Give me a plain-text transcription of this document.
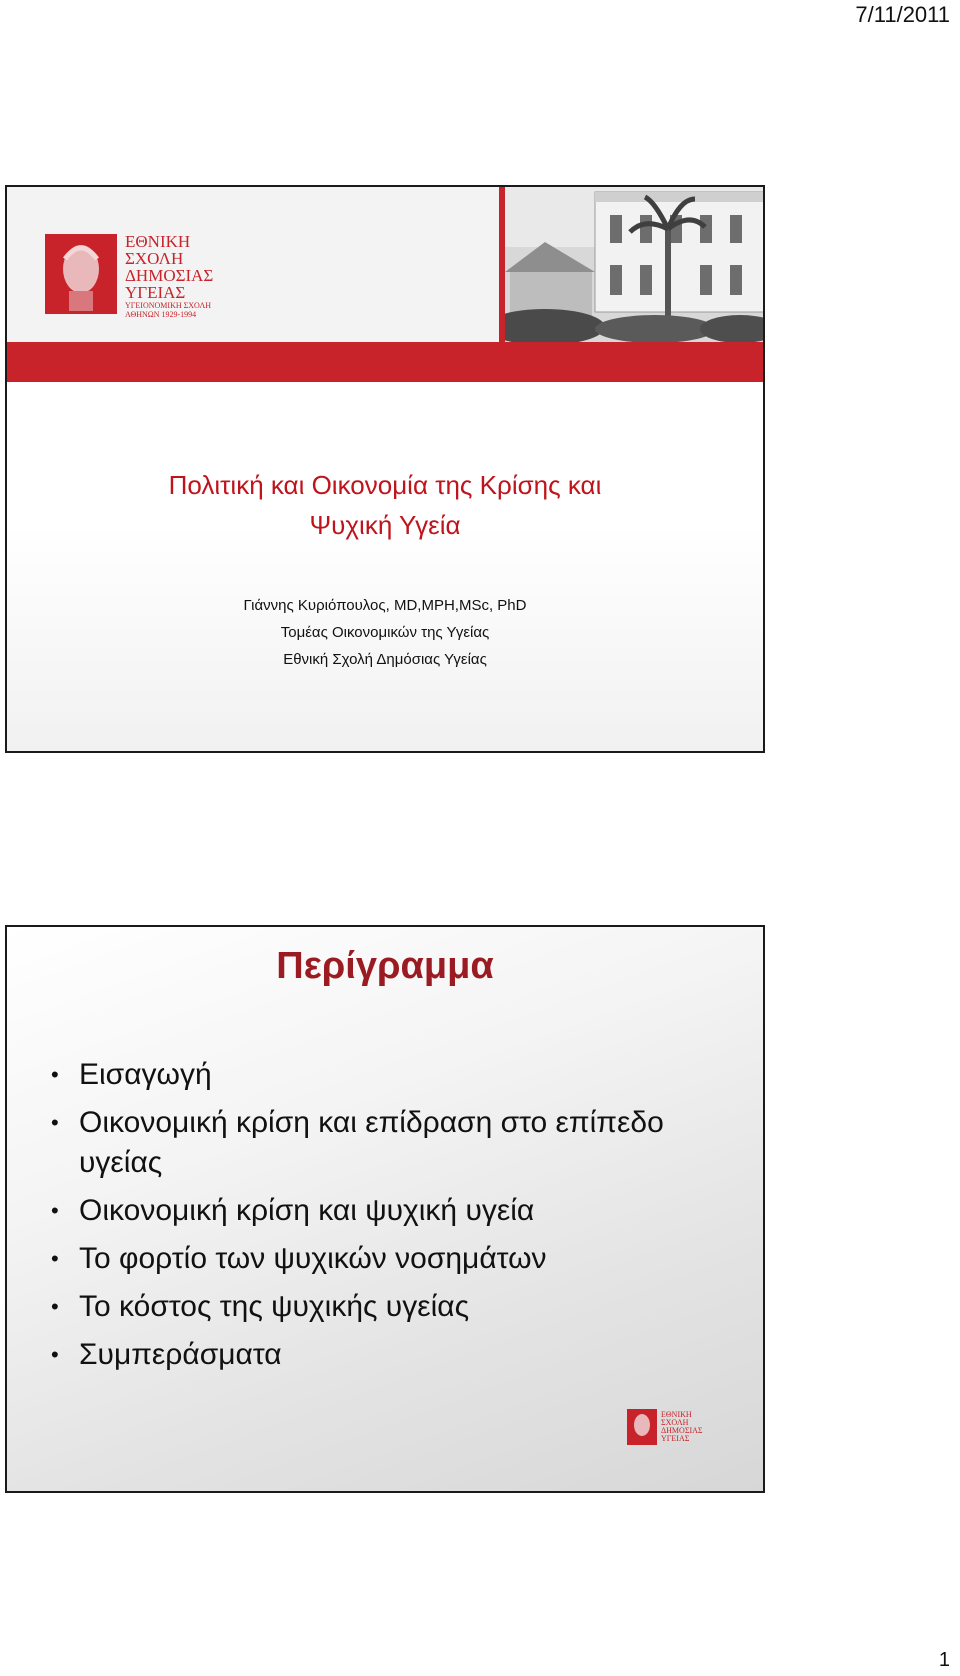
7/11/2011
ΕΘΝΙΚΗ
ΣΧΟΛΗ
ΔΗΜΟΣΙΑΣ
ΥΓΕΙΑΣ
ΥΓΕΙΟΝΟΜΙΚΗ ΣΧΟΛΗ
ΑΘΗΝΩΝ 1929-1994
Πολιτική και Οικονομία της Κρίσης και
Ψυχική Υγεία
Γιάννης Κυριόπουλος, MD,MPH,MSc, PhD
Τομέας Οικονομικών της Υγείας
Εθνική Σχολή Δημόσιας Υγείας
Περίγραμμα
• Εισαγωγή
• Οικονομική κρίση και επίδραση στο επίπεδο υγείας
• Οικονομική κρίση και ψυχική υγεία
• Το φορτίο των ψυχικών νοσημάτων
• Το κόστος της ψυχικής υγείας
• Συμπεράσματα
ΕΘΝΙΚΗ
ΣΧΟΛΗ
ΔΗΜΟΣΙΑΣ
ΥΓΕΙΑΣ
1
